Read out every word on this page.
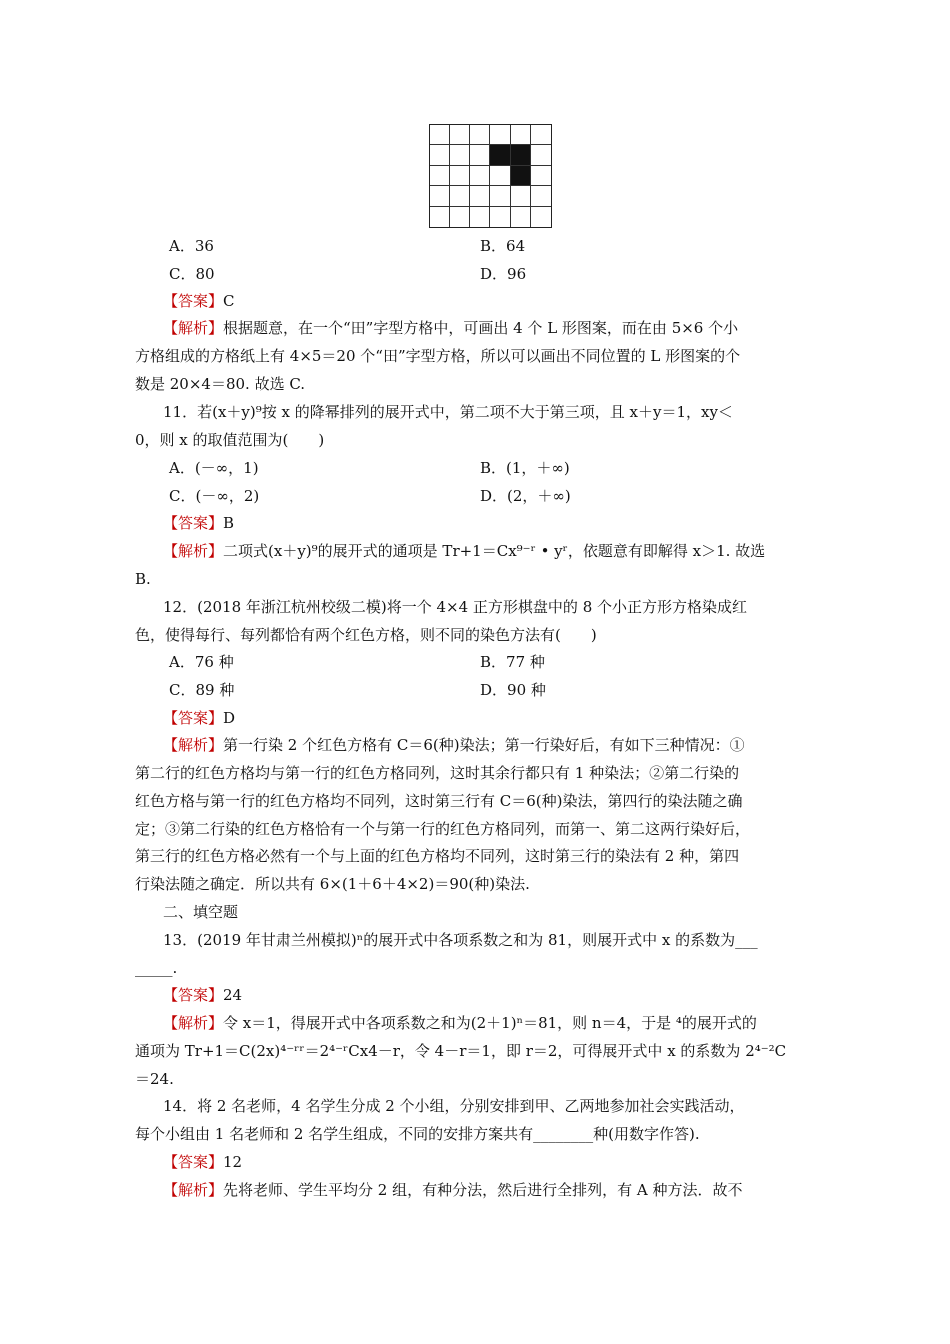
A．36	B．64
C．80	D．96
【答案】C
【解析】根据题意，在一个“田”字型方格中，可画出 4 个 L 形图案，而在由 5×6 个小
方格组成的方格纸上有 4×5＝20 个“田”字型方格，所以可以画出不同位置的 L 形图案的个
数是 20×4＝80. 故选 C.
11．若(x＋y)⁹按 x 的降幂排列的展开式中，第二项不大于第三项，且 x＋y＝1，xy＜
0，则 x 的取值范围为(　　)
A．(－∞，1)	B．(1，＋∞)
C．(－∞，2)	D．(2，＋∞)
【答案】B
【解析】二项式(x＋y)⁹的展开式的通项是 Tr+1＝Cx⁹⁻ʳ • yʳ，依题意有即解得 x＞1. 故选
B.
12．(2018 年浙江杭州校级二模)将一个 4×4 正方形棋盘中的 8 个小正方形方格染成红
色，使得每行、每列都恰有两个红色方格，则不同的染色方法有(　　)
A．76 种	B．77 种
C．89 种	D．90 种
【答案】D
【解析】第一行染 2 个红色方格有 C＝6(种)染法；第一行染好后，有如下三种情况：①
第二行的红色方格均与第一行的红色方格同列，这时其余行都只有 1 种染法；②第二行染的
红色方格与第一行的红色方格均不同列，这时第三行有 C＝6(种)染法，第四行的染法随之确
定；③第二行染的红色方格恰有一个与第一行的红色方格同列，而第一、第二这两行染好后，
第三行的红色方格必然有一个与上面的红色方格均不同列，这时第三行的染法有 2 种，第四
行染法随之确定．所以共有 6×(1＋6＋4×2)＝90(种)染法.
二、填空题
13．(2019 年甘肃兰州模拟)ⁿ的展开式中各项系数之和为 81，则展开式中 x 的系数为___
_____.
【答案】24
【解析】令 x＝1，得展开式中各项系数之和为(2＋1)ⁿ＝81，则 n＝4，于是 ⁴的展开式的
通项为 Tr+1＝C(2x)⁴⁻ʳʳ＝2⁴⁻ʳCx4－r，令 4－r＝1，即 r＝2，可得展开式中 x 的系数为 2⁴⁻²C
＝24.
14．将 2 名老师，4 名学生分成 2 个小组，分别安排到甲、乙两地参加社会实践活动，
每个小组由 1 名老师和 2 名学生组成，不同的安排方案共有________种(用数字作答).
【答案】12
【解析】先将老师、学生平均分 2 组，有种分法，然后进行全排列，有 A 种方法．故不
